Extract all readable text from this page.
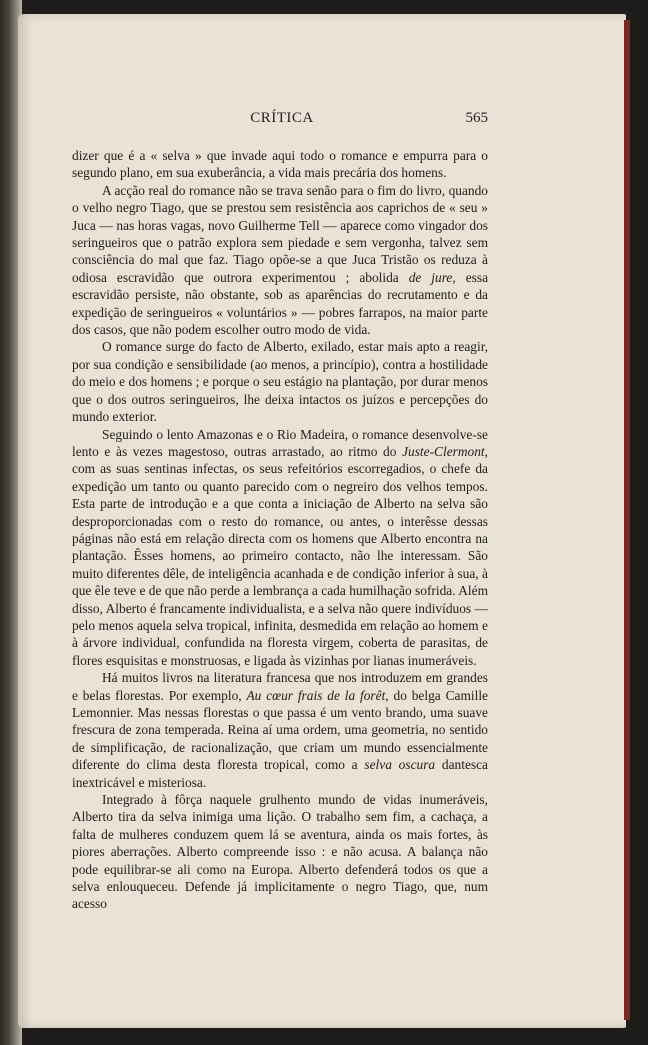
CRÍTICA	565

dizer que é a « selva » que invade aqui todo o romance e empurra para o segundo plano, em sua exuberância, a vida mais precária dos homens.

A acção real do romance não se trava senão para o fim do livro, quando o velho negro Tiago, que se prestou sem resistência aos caprichos de « seu » Juca — nas horas vagas, novo Guilherme Tell — aparece como vingador dos seringueiros que o patrão explora sem piedade e sem vergonha, talvez sem consciência do mal que faz. Tiago opõe-se a que Juca Tristão os reduza à odiosa escravidão que outrora experimentou ; abolida de jure, essa escravidão persiste, não obstante, sob as aparências do recrutamento e da expedição de seringueiros « voluntários » — pobres farrapos, na maior parte dos casos, que não podem escolher outro modo de vida.

O romance surge do facto de Alberto, exilado, estar mais apto a reagir, por sua condição e sensibilidade (ao menos, a princípio), contra a hostilidade do meio e dos homens ; e porque o seu estágio na plantação, por durar menos que o dos outros seringueiros, lhe deixa intactos os juízos e percepções do mundo exterior.

Seguindo o lento Amazonas e o Rio Madeira, o romance desenvolve-se lento e às vezes magestoso, outras arrastado, ao ritmo do Juste-Clermont, com as suas sentinas infectas, os seus refeitórios escorregadios, o chefe da expedição um tanto ou quanto parecido com o negreiro dos velhos tempos. Esta parte de introdução e a que conta a iniciação de Alberto na selva são desproporcionadas com o resto do romance, ou antes, o interêsse dessas páginas não está em relação directa com os homens que Alberto encontra na plantação. Êsses homens, ao primeiro contacto, não lhe interessam. São muito diferentes dêle, de inteligência acanhada e de condição inferior à sua, à que êle teve e de que não perde a lembrança a cada humilhação sofrida. Além disso, Alberto é francamente individualista, e a selva não quere indivíduos — pelo menos aquela selva tropical, infinita, desmedida em relação ao homem e à árvore individual, confundida na floresta virgem, coberta de parasitas, de flores esquisitas e monstruosas, e ligada às vizinhas por lianas inumeráveis.

Há muitos livros na literatura francesa que nos introduzem em grandes e belas florestas. Por exemplo, Au cœur frais de la forêt, do belga Camille Lemonnier. Mas nessas florestas o que passa é um vento brando, uma suave frescura de zona temperada. Reina aí uma ordem, uma geometria, no sentido de simplificação, de racionalização, que criam um mundo essencialmente diferente do clima desta floresta tropical, como a selva oscura dantesca inextricável e misteriosa.

Integrado à fôrça naquele grulhento mundo de vidas inumeráveis, Alberto tira da selva inimiga uma lição. O trabalho sem fim, a cachaça, a falta de mulheres conduzem quem lá se aventura, ainda os mais fortes, às piores aberrações. Alberto compreende isso : e não acusa. A balança não pode equilibrar-se ali como na Europa. Alberto defenderá todos os que a selva enlouqueceu. Defende já implicitamente o negro Tiago, que, num acesso
